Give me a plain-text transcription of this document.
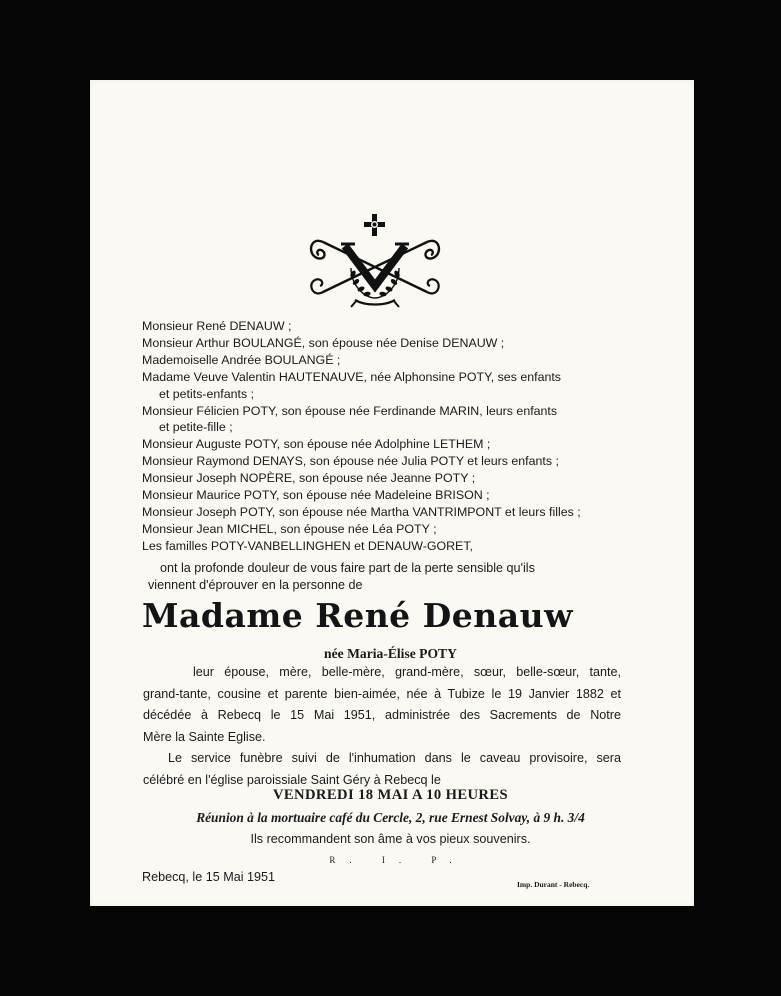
Monsieur René DENAUW ;
Monsieur Arthur BOULANGÉ, son épouse née Denise DENAUW ;
Mademoiselle Andrée BOULANGÉ ;
Madame Veuve Valentin HAUTENAUVE, née Alphonsine POTY, ses enfants
et petits-enfants ;
Monsieur Félicien POTY, son épouse née Ferdinande MARIN, leurs enfants
et petite-fille ;
Monsieur Auguste POTY, son épouse née Adolphine LETHEM ;
Monsieur Raymond DENAYS, son épouse née Julia POTY et leurs enfants ;
Monsieur Joseph NOPÈRE, son épouse née Jeanne POTY ;
Monsieur Maurice POTY, son épouse née Madeleine BRISON ;
Monsieur Joseph POTY, son épouse née Martha VANTRIMPONT et leurs filles ;
Monsieur Jean MICHEL, son épouse née Léa POTY ;
Les familles POTY-VANBELLINGHEN et DENAUW-GORET,

ont la profonde douleur de vous faire part de la perte sensible qu'ils

viennent d'éprouver en la personne de

Madame René Denauw
née Maria-Élise POTY

leur épouse, mère, belle-mère, grand-mère, sœur, belle-sœur, tante,

grand-tante, cousine et parente bien-aimée, née à Tubize le 19 Janvier 1882 et

décédée à Rebecq le 15 Mai 1951, administrée des Sacrements de Notre

Mère la Sainte Eglise.

Le service funèbre suivi de l'inhumation dans le caveau provisoire, sera

célébré en l'église paroissiale Saint Géry à Rebecq le

VENDREDI 18 MAI A 10 HEURES
Réunion à la mortuaire café du Cercle, 2, rue Ernest Solvay, à 9 h. 3/4
Ils recommandent son âme à vos pieux souvenirs.
R. I. P.
Rebecq, le 15 Mai 1951
Imp. Durant - Rebecq.
